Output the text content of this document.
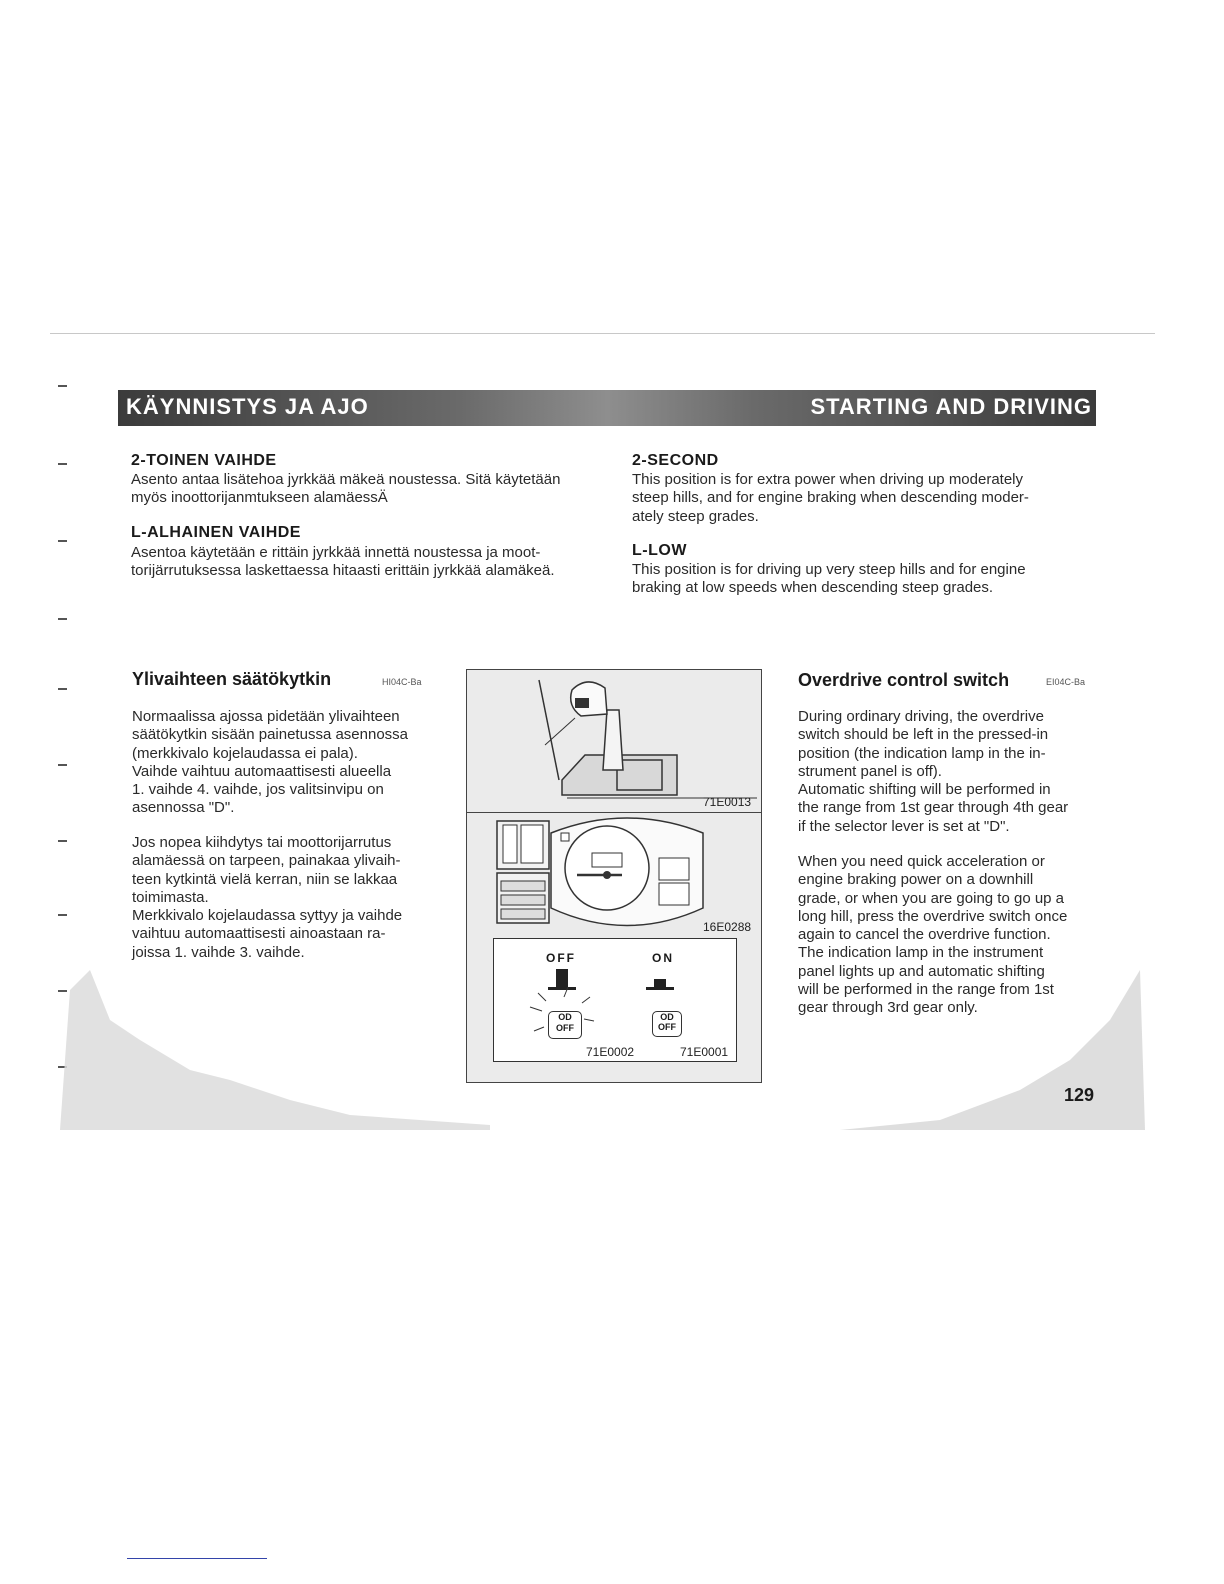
KÄYNNISTYS JA AJO	STARTING AND DRIVING
2-TOINEN VAIHDE
Asento antaa lisätehoa jyrkkää mäkeä noustessa. Sitä käytetään
myös inoottorijanmtukseen alamäessÄ
L-ALHAINEN VAIHDE
Asentoa käytetään e rittäin jyrkkää innettä noustessa ja moot-
torijärrutuksessa laskettaessa hitaasti erittäin jyrkkää alamäkeä.
2-SECOND
This position is for extra power when driving up moderately
steep hills, and for engine braking when descending moder-
ately steep grades.
L-LOW
This position is for driving up very steep hills and for engine
braking at low speeds when descending steep grades.
Ylivaihteen säätökytkin	HI04C-Ba
Normaalissa ajossa pidetään ylivaihteen
säätökytkin sisään painetussa asennossa
(merkkivalo kojelaudassa ei pala).
Vaihde vaihtuu automaattisesti alueella
1. vaihde 4. vaihde, jos valitsinvipu on
asennossa "D".
Jos nopea kiihdytys tai moottorijarrutus
alamäessä on tarpeen, painakaa ylivaih-
teen kytkintä vielä kerran, niin se lakkaa
toimimasta.
Merkkivalo kojelaudassa syttyy ja vaihde
vaihtuu automaattisesti ainoastaan ra-
joissa 1. vaihde 3. vaihde.
71E0013
16E0288
OFF	ON
OD
OFF
OD
OFF
71E0002	71E0001
Overdrive control switch	EI04C-Ba
During ordinary driving, the overdrive
switch should be left in the pressed-in
position (the indication lamp in the in-
strument panel is off).
Automatic shifting will be performed in
the range from 1st gear through 4th gear
if the selector lever is set at "D".
When you need quick acceleration or
engine braking power on a downhill
grade, or when you are going to go up a
long hill, press the overdrive switch once
again to cancel the overdrive function.
The indication lamp in the instrument
panel lights up and automatic shifting
will be performed in the range from 1st
gear through 3rd gear only.
129
